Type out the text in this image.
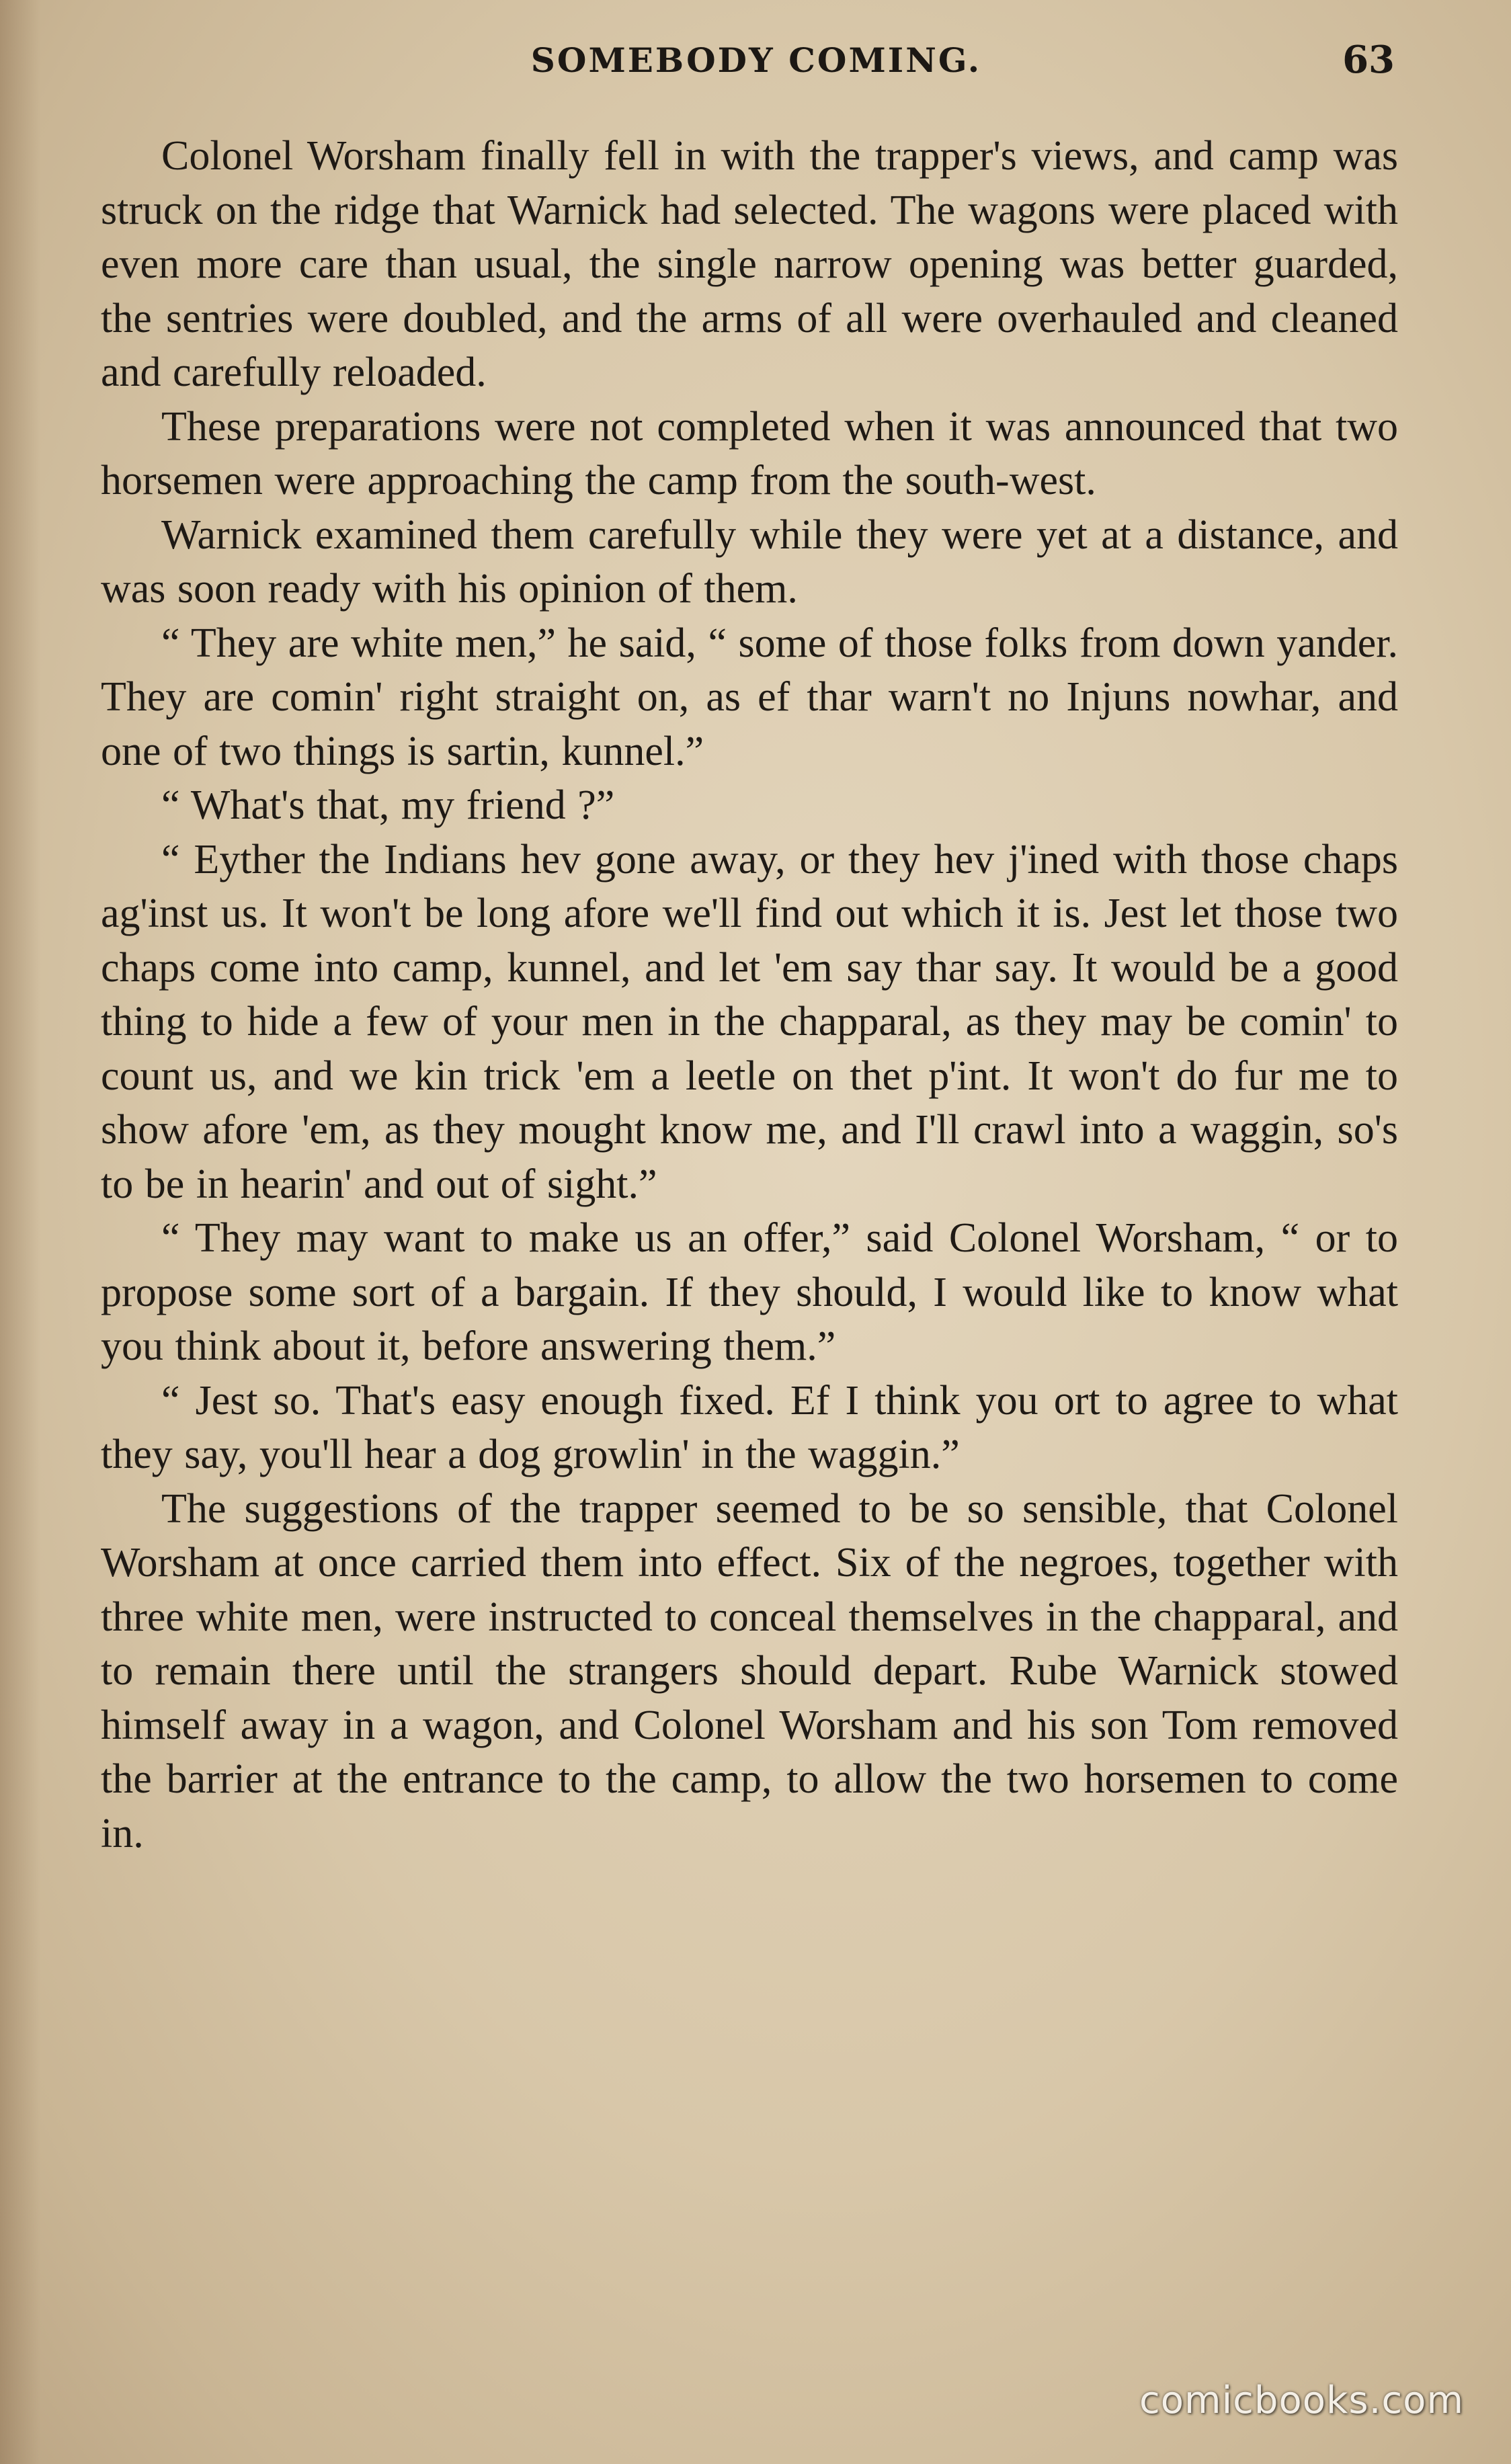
SOMEBODY COMING.	63

Colonel Worsham finally fell in with the trapper's views, and camp was struck on the ridge that Warnick had selected. The wagons were placed with even more care than usual, the single narrow opening was better guarded, the sentries were doubled, and the arms of all were overhauled and cleaned and carefully reloaded.

These preparations were not completed when it was announced that two horsemen were approaching the camp from the south-west.

Warnick examined them carefully while they were yet at a distance, and was soon ready with his opinion of them.

“ They are white men,” he said, “ some of those folks from down yander. They are comin' right straight on, as ef thar warn't no Injuns nowhar, and one of two things is sartin, kunnel.”

“ What's that, my friend ?”

“ Eyther the Indians hev gone away, or they hev j'ined with those chaps ag'inst us. It won't be long afore we'll find out which it is. Jest let those two chaps come into camp, kunnel, and let 'em say thar say. It would be a good thing to hide a few of your men in the chapparal, as they may be comin' to count us, and we kin trick 'em a leetle on thet p'int. It won't do fur me to show afore 'em, as they mought know me, and I'll crawl into a waggin, so's to be in hearin' and out of sight.”

“ They may want to make us an offer,” said Colonel Worsham, “ or to propose some sort of a bargain. If they should, I would like to know what you think about it, before answering them.”

“ Jest so. That's easy enough fixed. Ef I think you ort to agree to what they say, you'll hear a dog growlin' in the waggin.”

The suggestions of the trapper seemed to be so sensible, that Colonel Worsham at once carried them into effect. Six of the negroes, together with three white men, were instructed to conceal themselves in the chapparal, and to remain there until the strangers should depart. Rube Warnick stowed himself away in a wagon, and Colonel Worsham and his son Tom removed the barrier at the entrance to the camp, to allow the two horsemen to come in.

comicbooks.com
